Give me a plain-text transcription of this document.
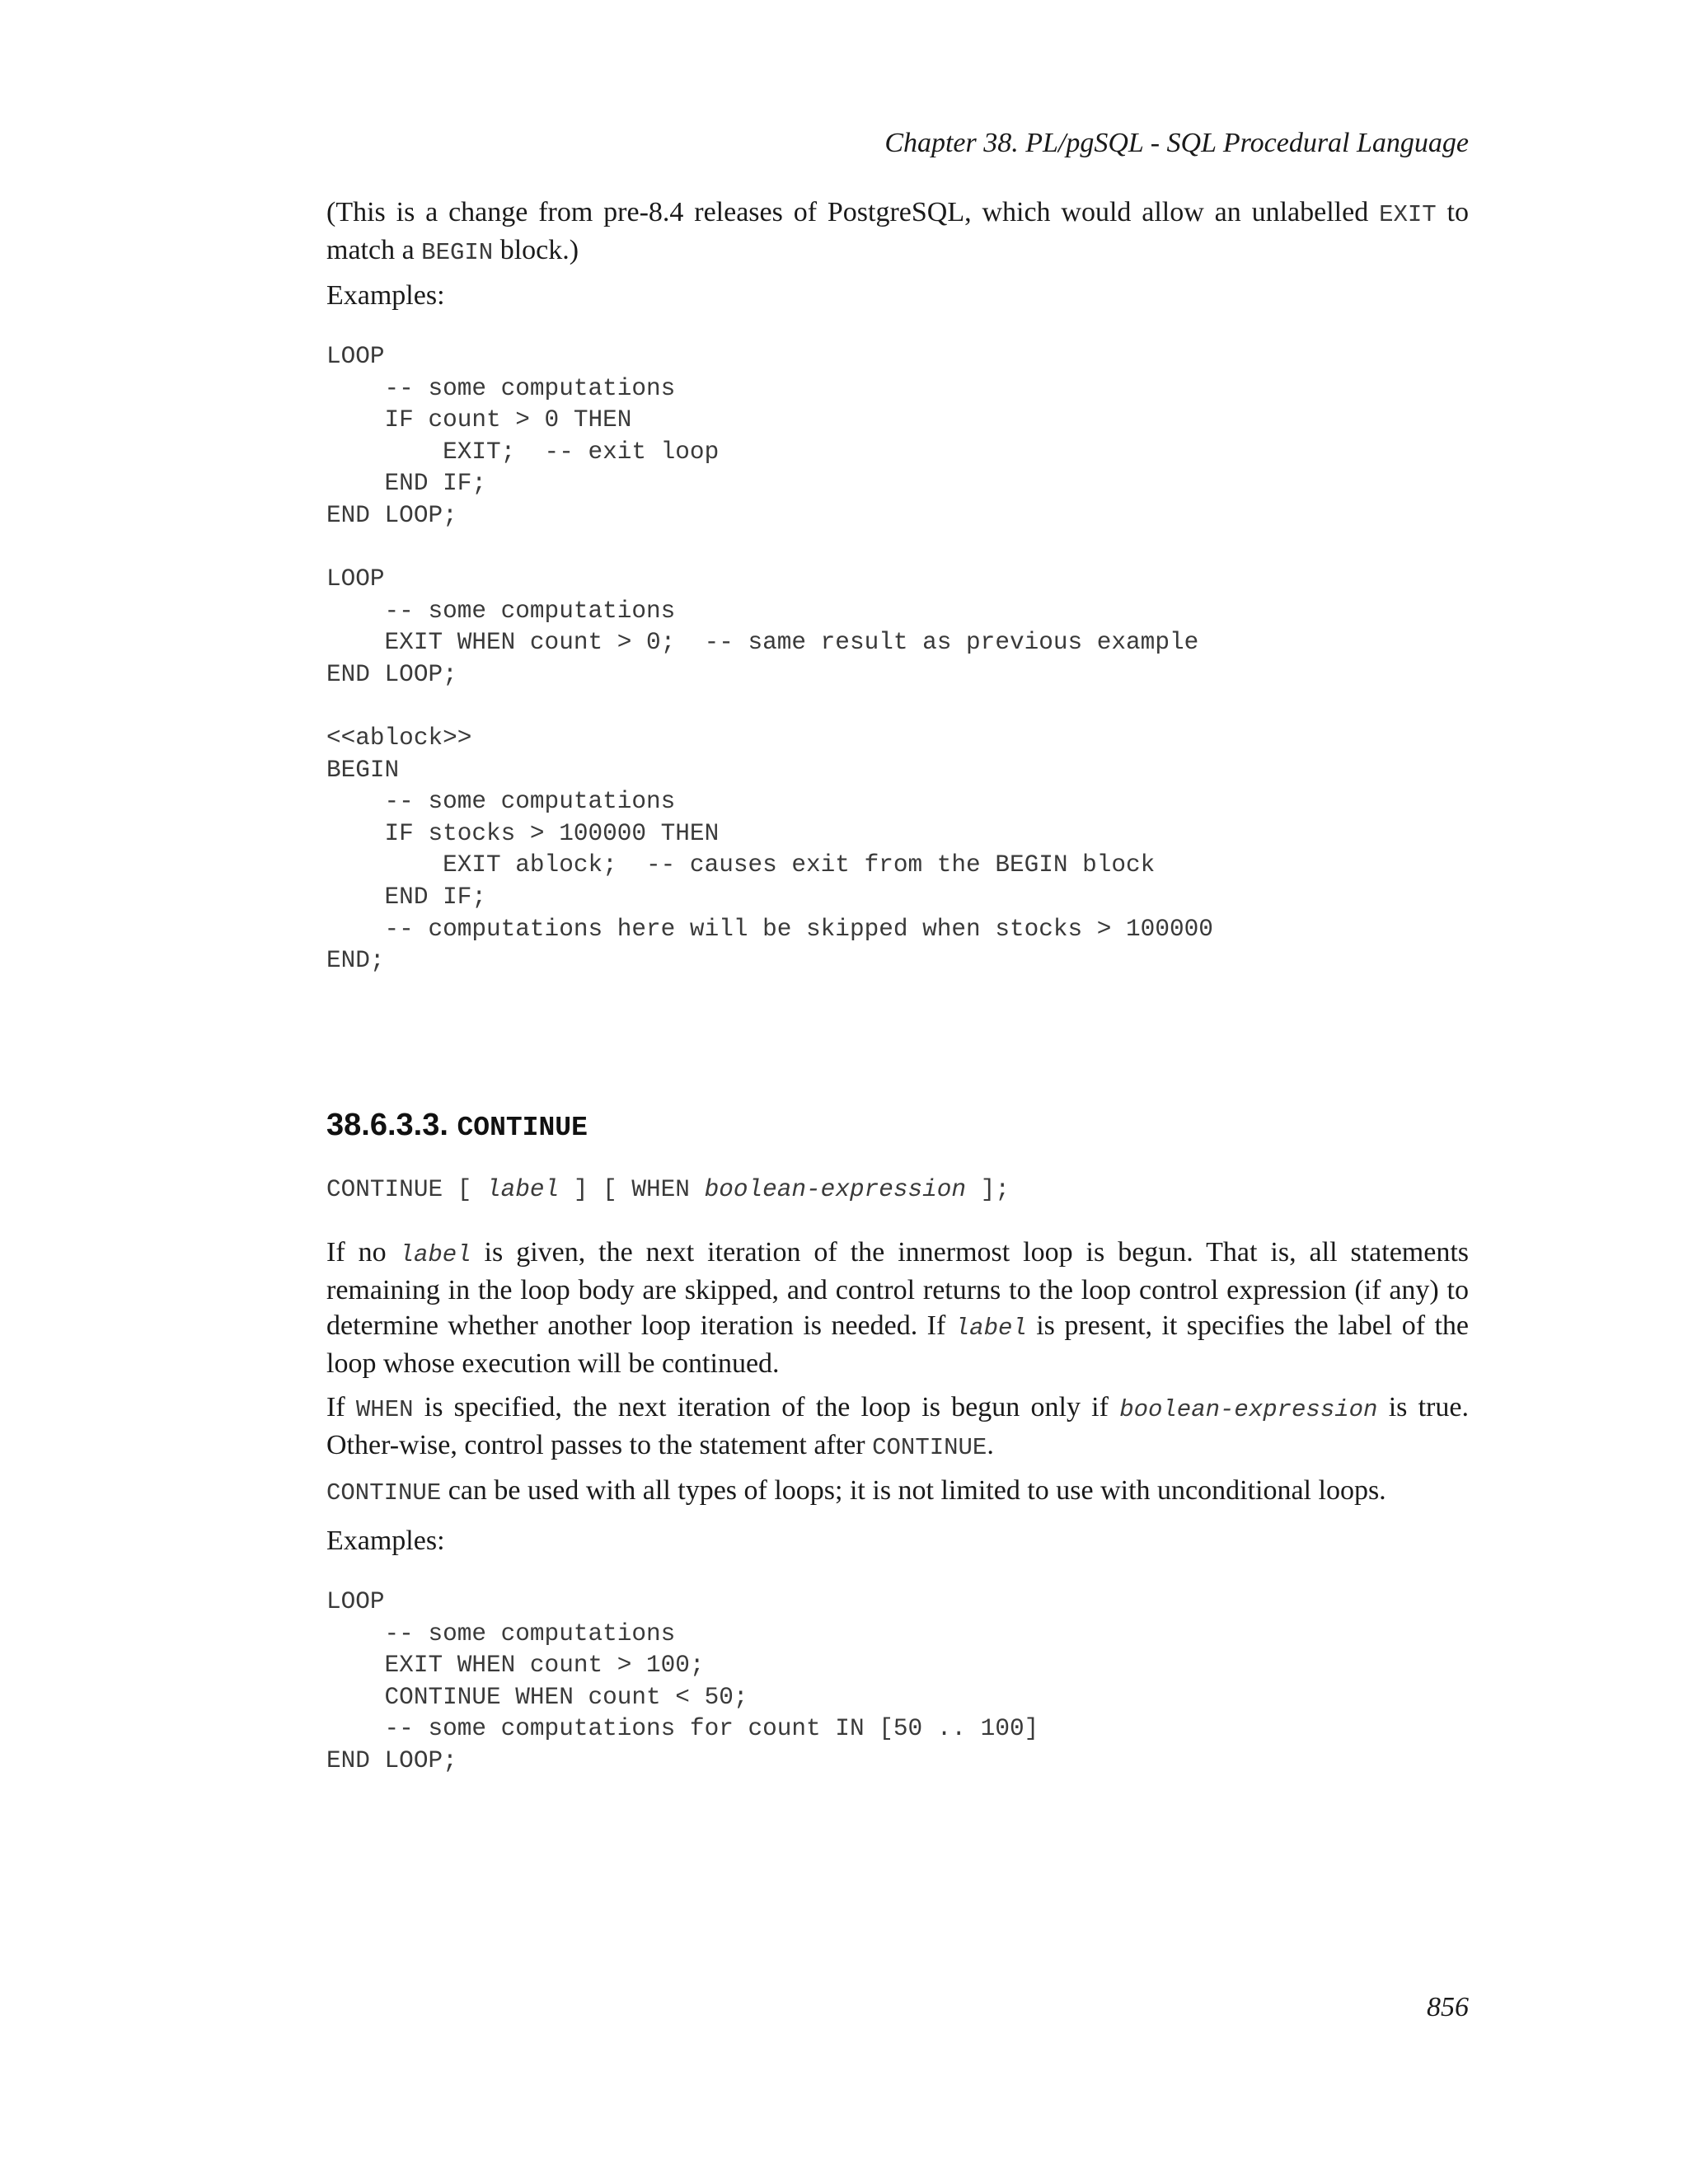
Chapter 38. PL/pgSQL - SQL Procedural Language

(This is a change from pre-8.4 releases of PostgreSQL, which would allow an unlabelled EXIT to match a BEGIN block.)

Examples:

LOOP
-- some computations
IF count > 0 THEN
EXIT;  -- exit loop
END IF;
END LOOP;
LOOP
-- some computations
EXIT WHEN count > 0;  -- same result as previous example
END LOOP;
<<ablock>>
BEGIN
-- some computations
IF stocks > 100000 THEN
EXIT ablock;  -- causes exit from the BEGIN block
END IF;
-- computations here will be skipped when stocks > 100000
END;
38.6.3.3. CONTINUE
CONTINUE [ label ] [ WHEN boolean-expression ];

If no label is given, the next iteration of the innermost loop is begun. That is, all statements remaining in the loop body are skipped, and control returns to the loop control expression (if any) to determine whether another loop iteration is needed. If label is present, it specifies the label of the loop whose execution will be continued.

If WHEN is specified, the next iteration of the loop is begun only if boolean-expression is true. Other-wise, control passes to the statement after CONTINUE.

CONTINUE can be used with all types of loops; it is not limited to use with unconditional loops.

Examples:

LOOP
-- some computations
EXIT WHEN count > 100;
CONTINUE WHEN count < 50;
-- some computations for count IN [50 .. 100]
END LOOP;
856
